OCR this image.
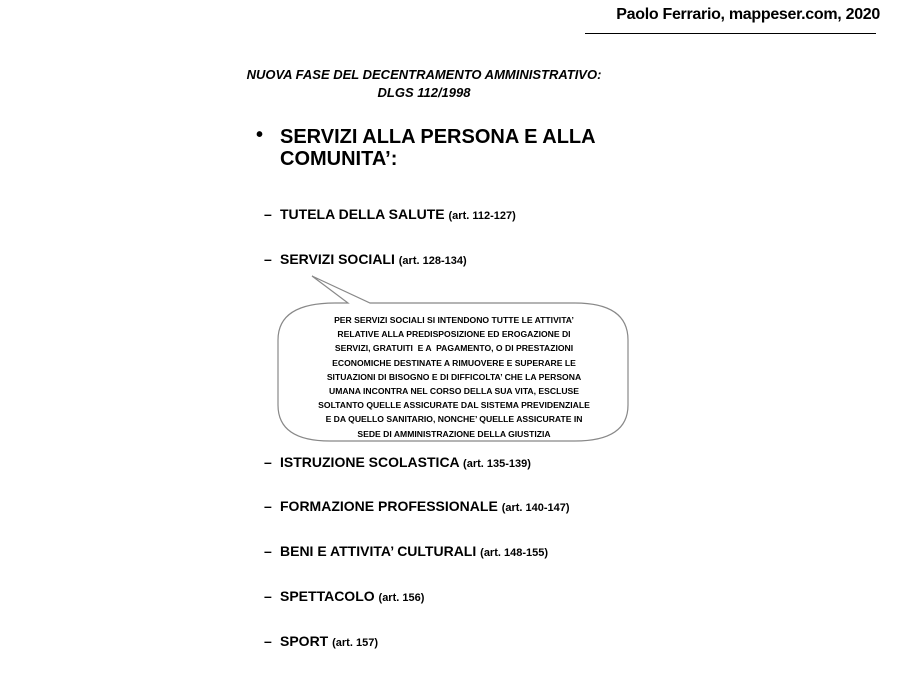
Paolo Ferrario, mappeser.com, 2020
NUOVA FASE DEL DECENTRAMENTO AMMINISTRATIVO:
DLGS 112/1998
• SERVIZI ALLA PERSONA E ALLA
COMUNITA’:
– TUTELA DELLA SALUTE (art. 112-127)
– SERVIZI SOCIALI (art. 128-134)
– ISTRUZIONE SCOLASTICA (art. 135-139)
– FORMAZIONE PROFESSIONALE (art. 140-147)
– BENI E ATTIVITA’ CULTURALI (art. 148-155)
– SPETTACOLO (art. 156)
– SPORT (art. 157)
PER SERVIZI SOCIALI SI INTENDONO TUTTE LE ATTIVITA’
RELATIVE ALLA PREDISPOSIZIONE ED EROGAZIONE DI
SERVIZI, GRATUITI  E A  PAGAMENTO, O DI PRESTAZIONI
ECONOMICHE DESTINATE A RIMUOVERE E SUPERARE LE
SITUAZIONI DI BISOGNO E DI DIFFICOLTA’ CHE LA PERSONA
UMANA INCONTRA NEL CORSO DELLA SUA VITA, ESCLUSE
SOLTANTO QUELLE ASSICURATE DAL SISTEMA PREVIDENZIALE
E DA QUELLO SANITARIO, NONCHE’ QUELLE ASSICURATE IN
SEDE DI AMMINISTRAZIONE DELLA GIUSTIZIA
